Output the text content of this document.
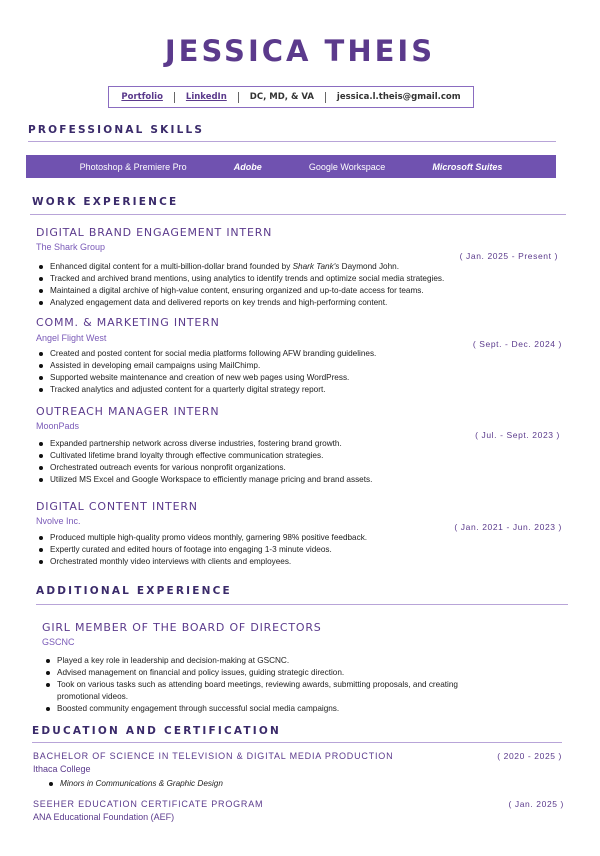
JESSICA THEIS
Portfolio	LinkedIn	DC, MD, & VA	jessica.l.theis@gmail.com
PROFESSIONAL SKILLS
Photoshop & Premiere Pro	Adobe	Google Workspace	Microsoft Suites
WORK EXPERIENCE
DIGITAL BRAND ENGAGEMENT INTERN
The Shark Group
( Jan. 2025 - Present )
Enhanced digital content for a multi-billion-dollar brand founded by Shark Tank's Daymond John.
Tracked and archived brand mentions, using analytics to identify trends and optimize social media strategies.
Maintained a digital archive of high-value content, ensuring organized and up-to-date access for teams.
Analyzed engagement data and delivered reports on key trends and high-performing content.
COMM. & MARKETING INTERN
Angel Flight West
( Sept. - Dec. 2024 )
Created and posted content for social media platforms following AFW branding guidelines.
Assisted in developing email campaigns using MailChimp.
Supported website maintenance and creation of new web pages using WordPress.
Tracked analytics and adjusted content for a quarterly digital strategy report.
OUTREACH MANAGER INTERN
MoonPads
( Jul. - Sept. 2023 )
Expanded partnership network across diverse industries, fostering brand growth.
Cultivated lifetime brand loyalty through effective communication strategies.
Orchestrated outreach events for various nonprofit organizations.
Utilized MS Excel and Google Workspace to efficiently manage pricing and brand assets.
DIGITAL CONTENT INTERN
Nvolve Inc.
( Jan. 2021 - Jun. 2023 )
Produced multiple high-quality promo videos monthly, garnering 98% positive feedback.
Expertly curated and edited hours of footage into engaging 1-3 minute videos.
Orchestrated monthly video interviews with clients and employees.
ADDITIONAL EXPERIENCE
GIRL MEMBER OF THE BOARD OF DIRECTORS
GSCNC
Played a key role in leadership and decision-making at GSCNC.
Advised management on financial and policy issues, guiding strategic direction.
Took on various tasks such as attending board meetings, reviewing awards, submitting proposals, and creating
promotional videos.
Boosted community engagement through successful social media campaigns.
EDUCATION AND CERTIFICATION
BACHELOR OF SCIENCE IN TELEVISION & DIGITAL MEDIA PRODUCTION	( 2020 - 2025 )
Ithaca College
Minors in Communications & Graphic Design
SEEHER EDUCATION CERTIFICATE PROGRAM	( Jan. 2025 )
ANA Educational Foundation (AEF)
